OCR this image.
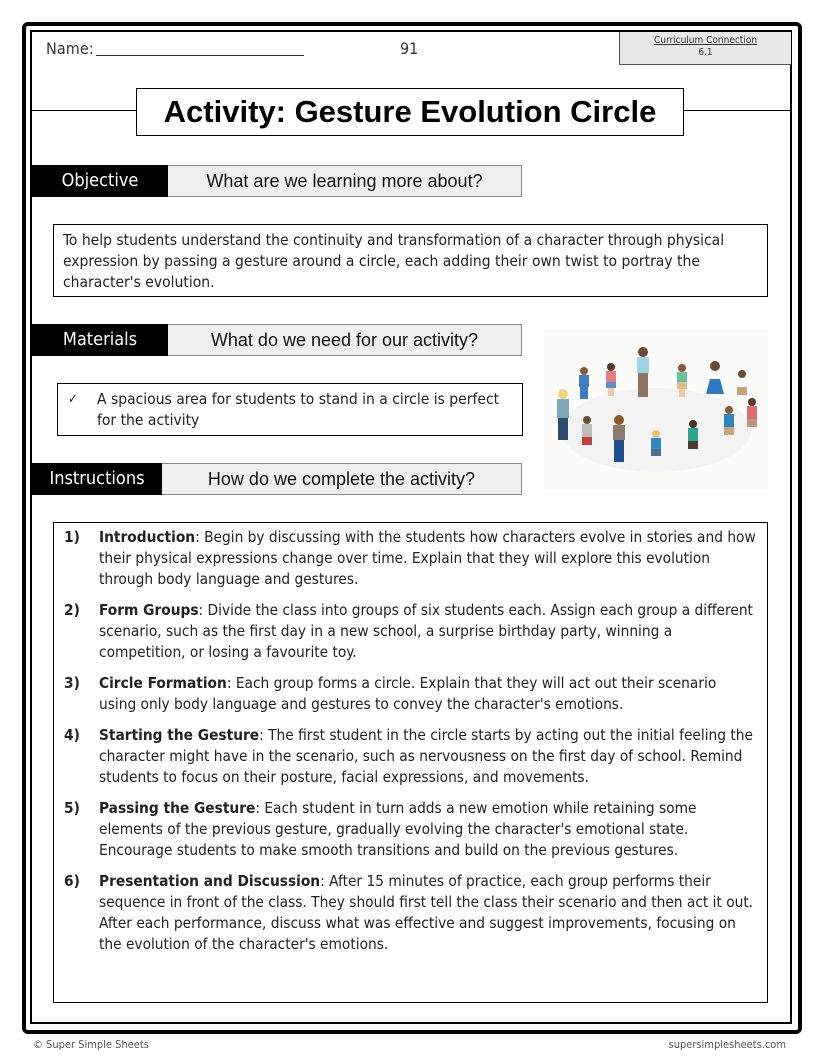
Name:	91	Curriculum Connection
6.1
Activity: Gesture Evolution Circle
Objective	What are we learning more about?
To help students understand the continuity and transformation of a character through physical expression by passing a gesture around a circle, each adding their own twist to portray the character's evolution.
Materials	What do we need for our activity?
✓	A spacious area for students to stand in a circle is perfect for the activity
Instructions	How do we complete the activity?
1)	Introduction: Begin by discussing with the students how characters evolve in stories and how their physical expressions change over time. Explain that they will explore this evolution through body language and gestures.
2)	Form Groups: Divide the class into groups of six students each. Assign each group a different scenario, such as the first day in a new school, a surprise birthday party, winning a competition, or losing a favourite toy.
3)	Circle Formation: Each group forms a circle. Explain that they will act out their scenario using only body language and gestures to convey the character's emotions.
4)	Starting the Gesture: The first student in the circle starts by acting out the initial feeling the character might have in the scenario, such as nervousness on the first day of school. Remind students to focus on their posture, facial expressions, and movements.
5)	Passing the Gesture: Each student in turn adds a new emotion while retaining some elements of the previous gesture, gradually evolving the character's emotional state. Encourage students to make smooth transitions and build on the previous gestures.
6)	Presentation and Discussion: After 15 minutes of practice, each group performs their sequence in front of the class. They should first tell the class their scenario and then act it out. After each performance, discuss what was effective and suggest improvements, focusing on the evolution of the character's emotions.
© Super Simple Sheets	supersimplesheets.com
